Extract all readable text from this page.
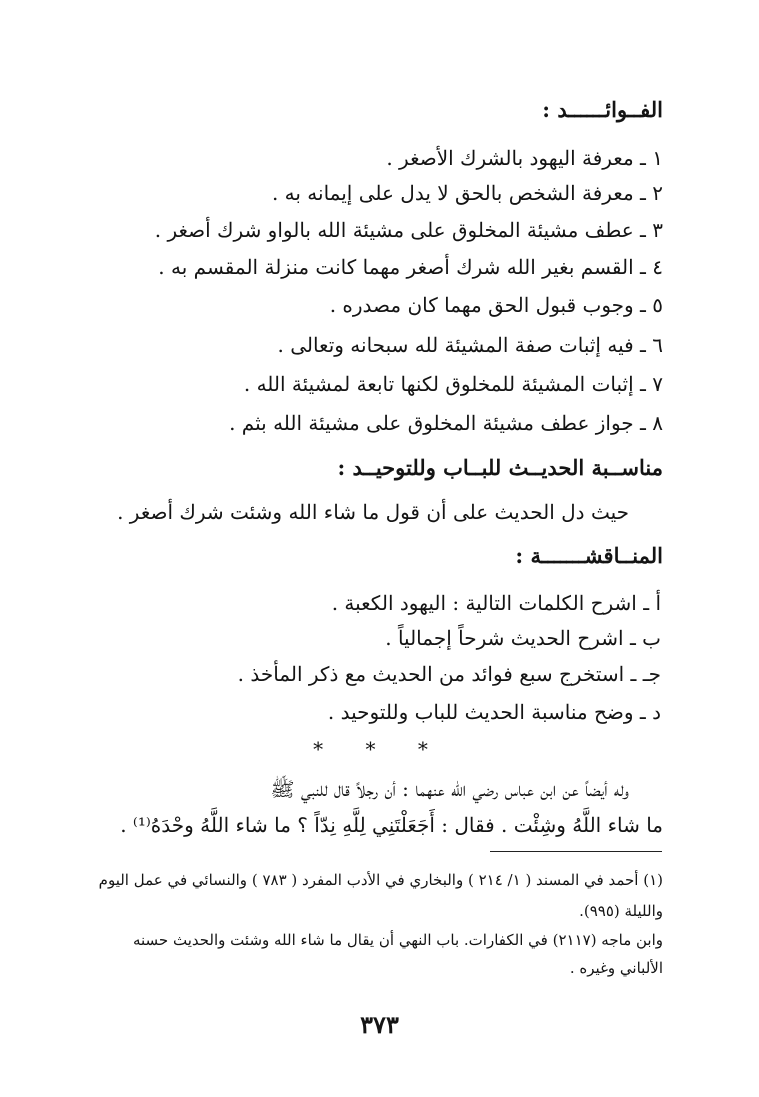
الفــوائــــــد :
١ ـ معرفة اليهود بالشرك الأصغر .
٢ ـ معرفة الشخص بالحق لا يدل على إيمانه به .
٣ ـ عطف مشيئة المخلوق على مشيئة الله بالواو شرك أصغر .
٤ ـ القسم بغير الله شرك أصغر مهما كانت منزلة المقسم به .
٥ ـ وجوب قبول الحق مهما كان مصدره .
٦ ـ فيه إثبات صفة المشيئة لله سبحانه وتعالى .
٧ ـ إثبات المشيئة للمخلوق لكنها تابعة لمشيئة الله .
٨ ـ جواز عطف مشيئة المخلوق على مشيئة الله بثم .
مناســبة الحديــث للبــاب وللتوحيــد :
حيث دل الحديث على أن قول ما شاء الله وشئت شرك أصغر .
المنــاقشـــــــة :
أ ـ اشرح الكلمات التالية : اليهود الكعبة .
ب ـ اشرح الحديث شرحاً إجمالياً .
جـ ـ استخرج سبع فوائد من الحديث مع ذكر المأخذ .
د ـ وضح مناسبة الحديث للباب وللتوحيد .
* * *
وله أيضاً عن ابن عباس رضي الله عنهما : أن رجلاً قال للنبي ﷺ
ما شاء اللَّهُ وشِئْت . فقال : أَجَعَلْتَنِي لِلَّهِ نِدّاً ؟ ما شاء اللَّهُ وحْدَهُ⁽¹⁾ .
(١) أحمد في المسند ( ١/ ٢١٤ ) والبخاري في الأدب المفرد ( ٧٨٣ ) والنسائي في عمل اليوم
والليلة (٩٩٥).
وابن ماجه (٢١١٧) في الكفارات. باب النهي أن يقال ما شاء الله وشئت والحديث حسنه
الألباني وغيره .
٣٧٣
